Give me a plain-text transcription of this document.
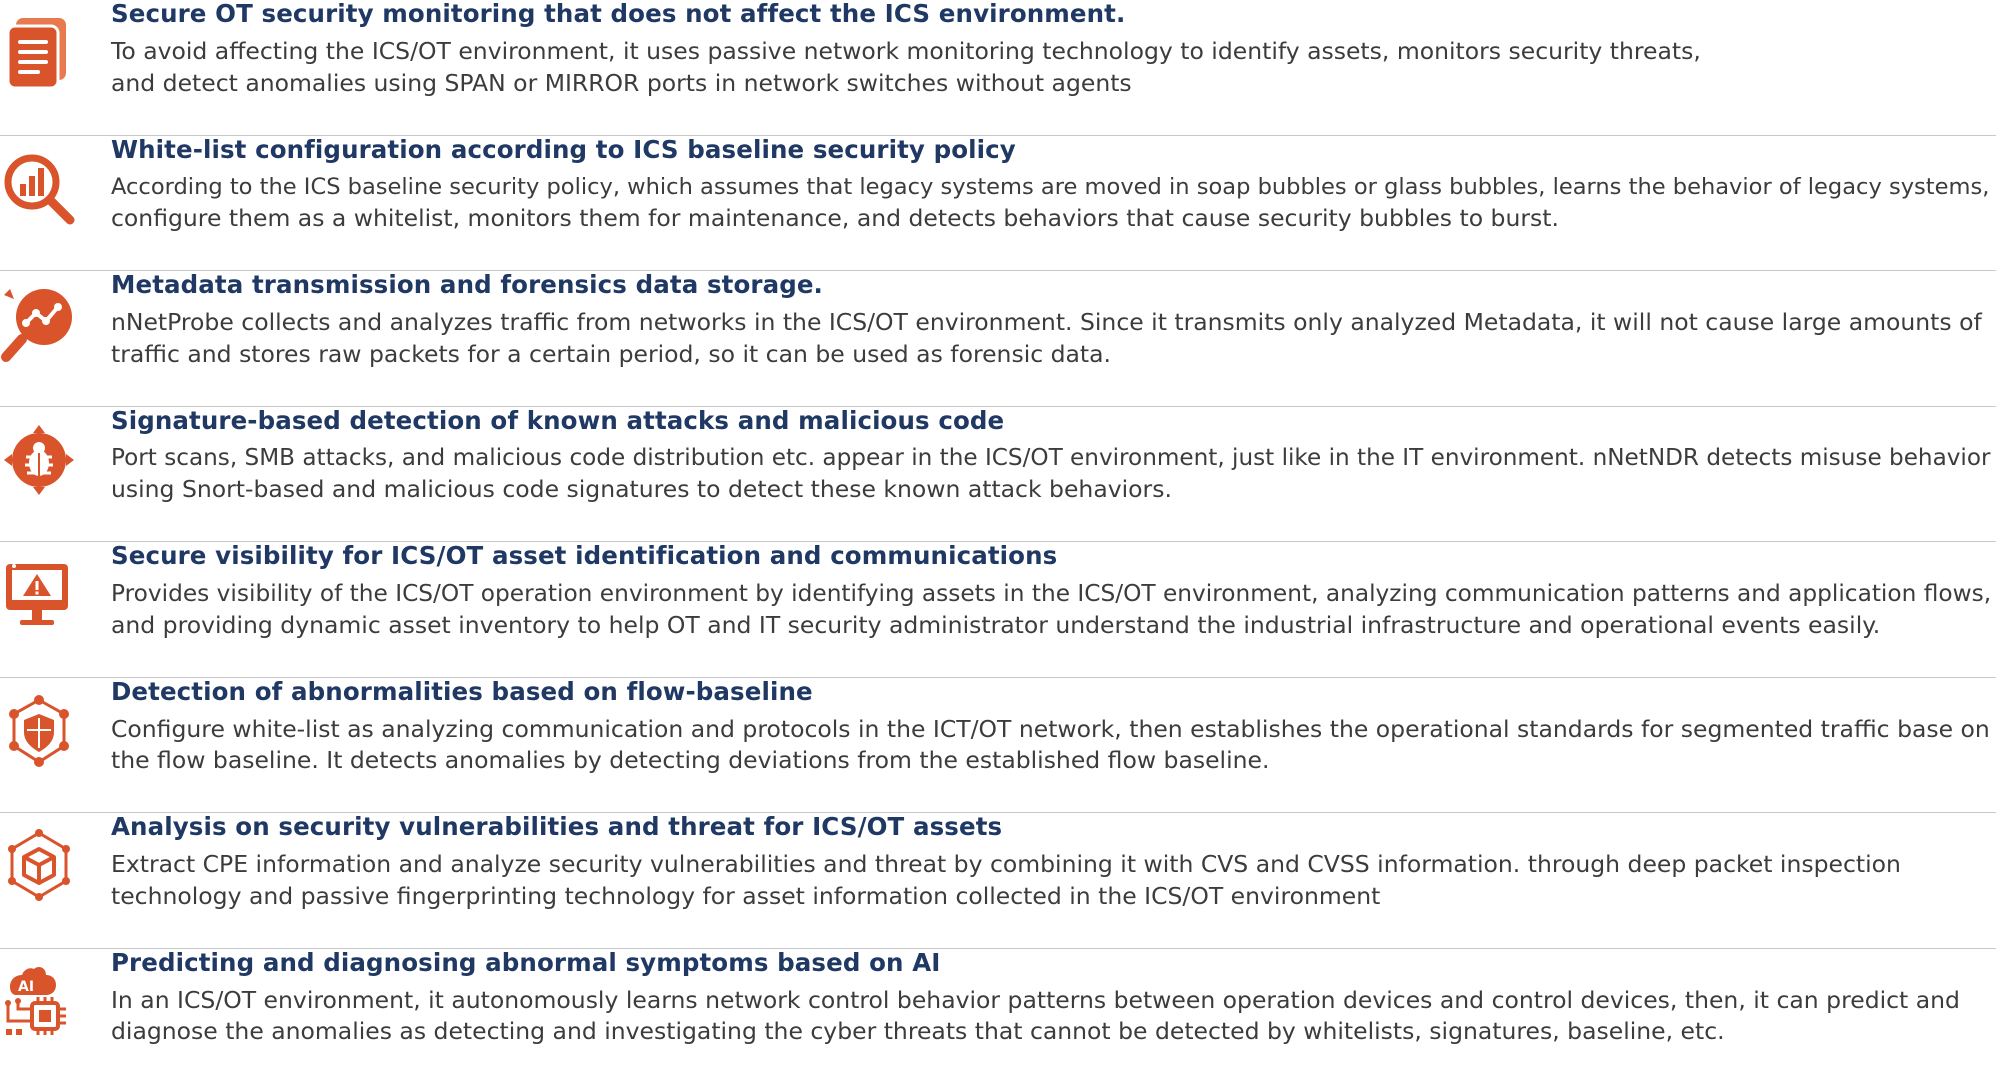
Secure OT security monitoring that does not affect the ICS environment.

To avoid affecting the ICS/OT environment, it uses passive network monitoring technology to identify assets, monitors security threats,
and detect anomalies using SPAN or MIRROR ports in network switches without agents

White-list configuration according to ICS baseline security policy

According to the ICS baseline security policy, which assumes that legacy systems are moved in soap bubbles or glass bubbles, learns the behavior of legacy systems,
configure them as a whitelist, monitors them for maintenance, and detects behaviors that cause security bubbles to burst.

Metadata transmission and forensics data storage.

nNetProbe collects and analyzes traffic from networks in the ICS/OT environment. Since it transmits only analyzed Metadata, it will not cause large amounts of
traffic and stores raw packets for a certain period, so it can be used as forensic data.

Signature-based detection of known attacks and malicious code

Port scans, SMB attacks, and malicious code distribution etc. appear in the ICS/OT environment, just like in the IT environment. nNetNDR detects misuse behavior
using Snort-based and malicious code signatures to detect these known attack behaviors.

Secure visibility for ICS/OT asset identification and communications

Provides visibility of the ICS/OT operation environment by identifying assets in the ICS/OT environment, analyzing communication patterns and application flows,
and providing dynamic asset inventory to help OT and IT security administrator understand the industrial infrastructure and operational events easily.

Detection of abnormalities based on flow-baseline

Configure white-list as analyzing communication and protocols in the ICT/OT network, then establishes the operational standards for segmented traffic base on
the flow baseline. It detects anomalies by detecting deviations from the established flow baseline.

Analysis on security vulnerabilities and threat for ICS/OT assets

Extract CPE information and analyze security vulnerabilities and threat by combining it with CVS and CVSS information. through deep packet inspection
technology and passive fingerprinting technology for asset information collected in the ICS/OT environment

AI
Predicting and diagnosing abnormal symptoms based on AI

In an ICS/OT environment, it autonomously learns network control behavior patterns between operation devices and control devices, then, it can predict and
diagnose the anomalies as detecting and investigating the cyber threats that cannot be detected by whitelists, signatures, baseline, etc.
